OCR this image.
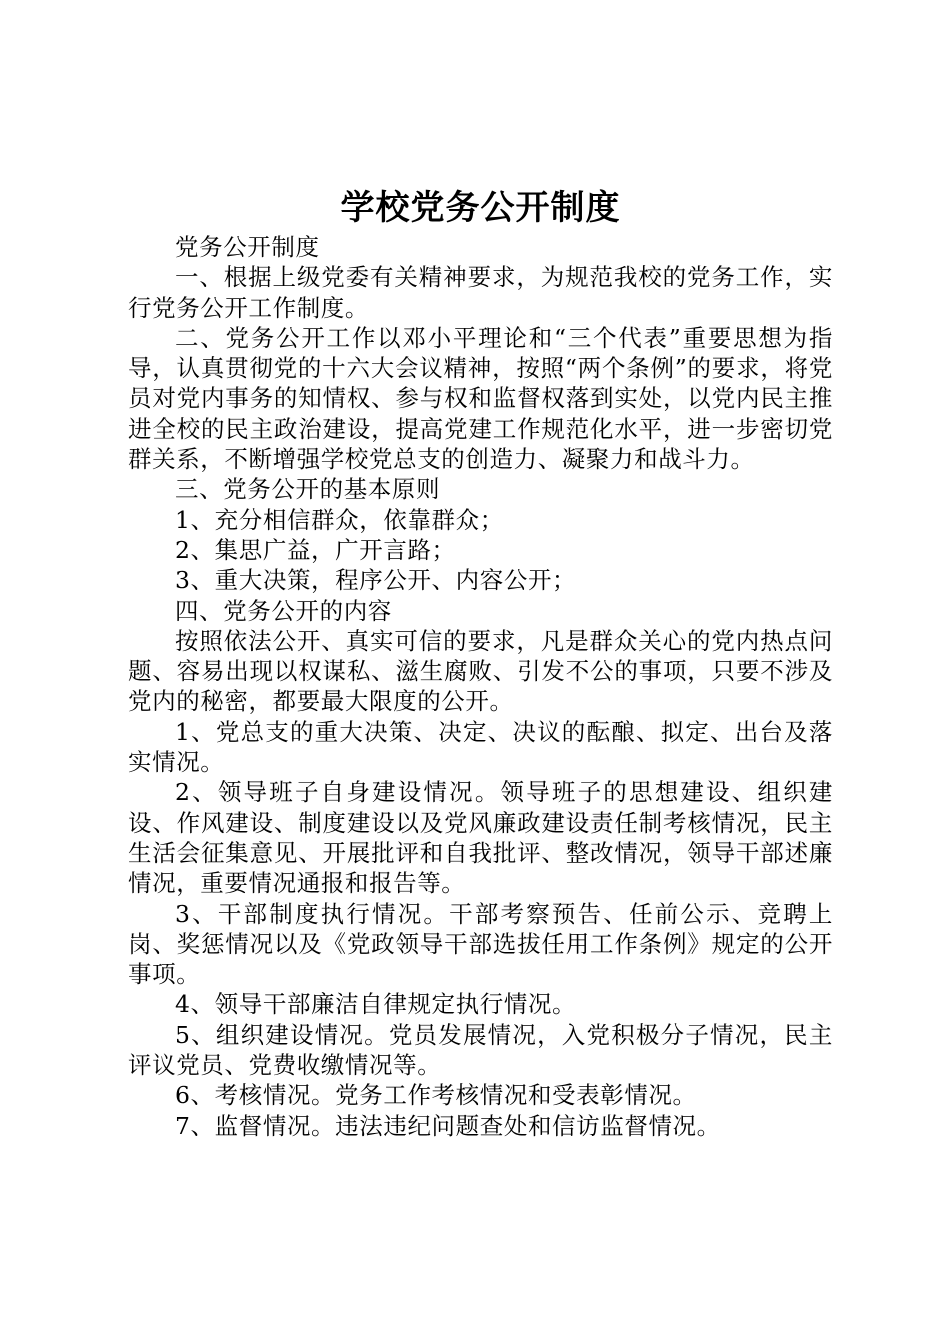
学校党务公开制度

党务公开制度

一、根据上级党委有关精神要求，为规范我校的党务工作，实行党务公开工作制度。

二、党务公开工作以邓小平理论和“三个代表”重要思想为指导，认真贯彻党的十六大会议精神，按照“两个条例”的要求，将党员对党内事务的知情权、参与权和监督权落到实处，以党内民主推进全校的民主政治建设，提高党建工作规范化水平，进一步密切党群关系，不断增强学校党总支的创造力、凝聚力和战斗力。

三、党务公开的基本原则

1、充分相信群众，依靠群众；

2、集思广益，广开言路；

3、重大决策，程序公开、内容公开；

四、党务公开的内容

按照依法公开、真实可信的要求，凡是群众关心的党内热点问题、容易出现以权谋私、滋生腐败、引发不公的事项，只要不涉及党内的秘密，都要最大限度的公开。

1、党总支的重大决策、决定、决议的酝酿、拟定、出台及落实情况。

2、领导班子自身建设情况。领导班子的思想建设、组织建设、作风建设、制度建设以及党风廉政建设责任制考核情况，民主生活会征集意见、开展批评和自我批评、整改情况，领导干部述廉情况，重要情况通报和报告等。

3、干部制度执行情况。干部考察预告、任前公示、竞聘上岗、奖惩情况以及《党政领导干部选拔任用工作条例》规定的公开事项。

4、领导干部廉洁自律规定执行情况。

5、组织建设情况。党员发展情况，入党积极分子情况，民主评议党员、党费收缴情况等。

6、考核情况。党务工作考核情况和受表彰情况。

7、监督情况。违法违纪问题查处和信访监督情况。
